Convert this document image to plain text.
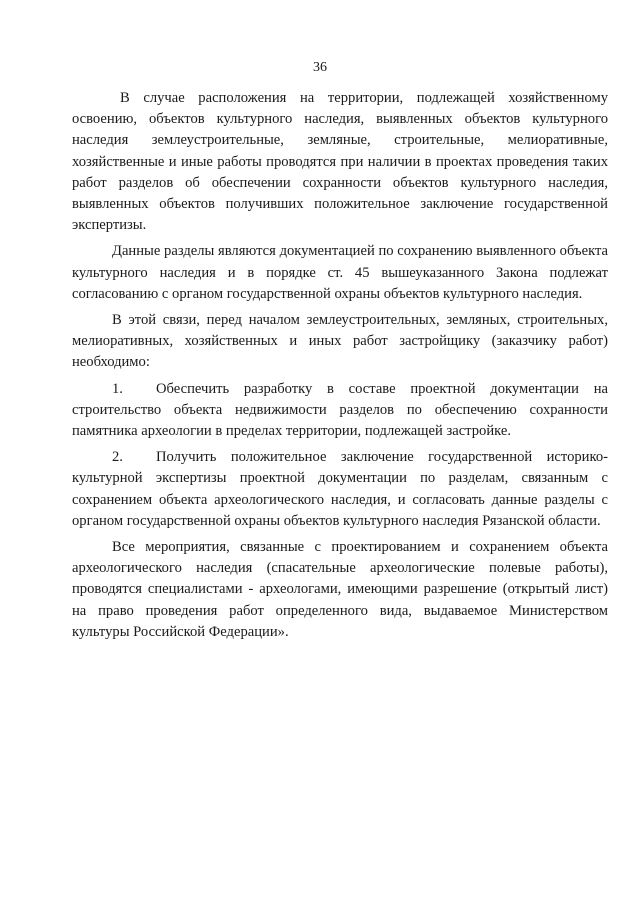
36

В случае расположения на территории, подлежащей хозяйственному освоению, объектов культурного наследия, выявленных объектов культурного наследия землеустроительные, земляные, строительные, мелиоративные, хозяйственные и иные работы проводятся при наличии в проектах проведения таких работ разделов об обеспечении сохранности объектов культурного наследия, выявленных объектов получивших положительное заключение государственной экспертизы.

Данные разделы являются документацией по сохранению выявленного объекта культурного наследия и в порядке ст. 45 вышеуказанного Закона подлежат согласованию с органом государственной охраны объектов культурного наследия.

В этой связи, перед началом землеустроительных, земляных, строительных, мелиоративных, хозяйственных и иных работ застройщику (заказчику работ) необходимо:

1. Обеспечить разработку в составе проектной документации на строительство объекта недвижимости разделов по обеспечению сохранности памятника археологии в пределах территории, подлежащей застройке.

2. Получить положительное заключение государственной историко-культурной экспертизы проектной документации по разделам, связанным с сохранением объекта археологического наследия, и согласовать данные разделы с органом государственной охраны объектов культурного наследия Рязанской области.

Все мероприятия, связанные с проектированием и сохранением объекта археологического наследия (спасательные археологические полевые работы), проводятся специалистами - археологами, имеющими разрешение (открытый лист) на право проведения работ определенного вида, выдаваемое Министерством культуры Российской Федерации».
